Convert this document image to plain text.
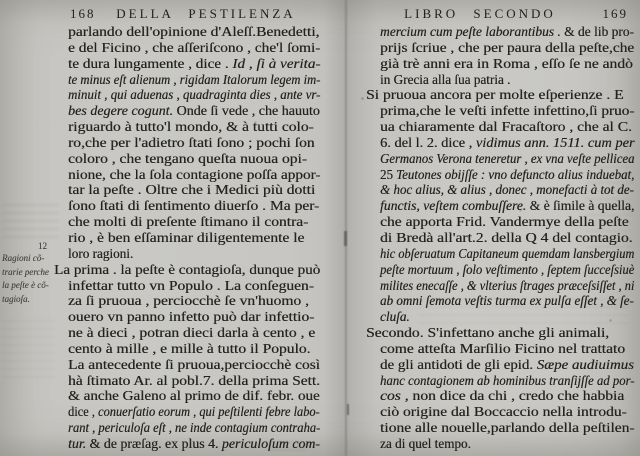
168	DELLA PESTILENZA
parlando dell'opinione d'Aleſſ.Benedetti,
e del Ficino , che aſſeriſcono , che'l ſomi-
te dura lungamente , dice . Id , ſi à verita-
te minus eſt alienum , rigidam Italorum legem im-
minuit , qui aduenas , quadraginta dies , ante vr-
bes degere cogunt. Onde ſi vede , che hauuto
riguardo à tutto'l mondo, & à tutti colo-
ro,che per l'adietro ſtati ſono ; pochi ſon
coloro , che tengano queſta nuoua opi-
nione, che la ſola contagione poſſa appor-
tar la peſte . Oltre che i Medici più dotti
ſono ſtati di ſentimento diuerſo . Ma per-
che molti di preſente ſtimano il contra-
rio , è ben eſſaminar diligentemente le
loro ragioni.
La prima . la peſte è contagioſa, dunque può
infettar tutto vn Populo . La conſeguen-
za ſi pruoua , perciocchè ſe vn'huomo ,
ouero vn panno infetto può dar infettio-
ne à dieci , potran dieci darla à cento , e
cento à mille , e mille à tutto il Populo.
La antecedente ſi pruoua,perciocchè così
hà ſtimato Ar. al pobl.7. della prima Sett.
& anche Galeno al primo de dif. febr. oue
dice , conuerſatio eorum , qui peſtilenti febre labo-
rant , periculoſa eſt , ne inde contagium contraha-
tur. & de præſag. ex plus 4. periculoſum com-
LIBRO SECONDO	169
mercium cum peſte laborantibus . & de lib pro-
prijs ſcriue , che per paura della peſte,che
già trè anni era in Roma , eſſo ſe ne andò
in Grecia alla ſua patria .
Si pruoua ancora per molte eſperienze . E
prima,che le veſti infette infettino,ſi pruo-
ua chiaramente dal Fracaſtoro , che al C.
6. del l. 2. dice , vidimus ann. 1511. cum per
Germanos Verona teneretur , ex vna veſte pellicea
25 Teutones obijſſe : vno defuncto alius induebat,
& hoc alius, & alius , donec , monefacti à tot de-
functis, veſtem combuſſere. & è ſimile à quella,
che apporta Frid. Vandermye della peſte
di Bredà all'art.2. della Q 4 del contagio.
hic obſeruatum Capitaneum quemdam lansbergium
peſte mortuum , ſolo veſtimento , ſeptem ſucceſsiuè
milites enecaſſe , & vlterius ſtrages præceſsiſſet , ni
ab omni ſemota veſtis turma ex pulſa eſſet , & ſe-
cluſa.
Secondo. S'infettano anche gli animali,
come atteſta Marſilio Ficino nel trattato
de gli antidoti de gli epid. Sæpe audiuimus
hanc contagionem ab hominibus tranſijſſe ad por-
cos , non dice da chi , credo che habbia
ciò origine dal Boccaccio nella introdu-
tione alle nouelle,parlando della peſtilen-
za di quel tempo.
12
Ragioni cõ-
trarie perche
la peſte è cõ-
tagioſa.
